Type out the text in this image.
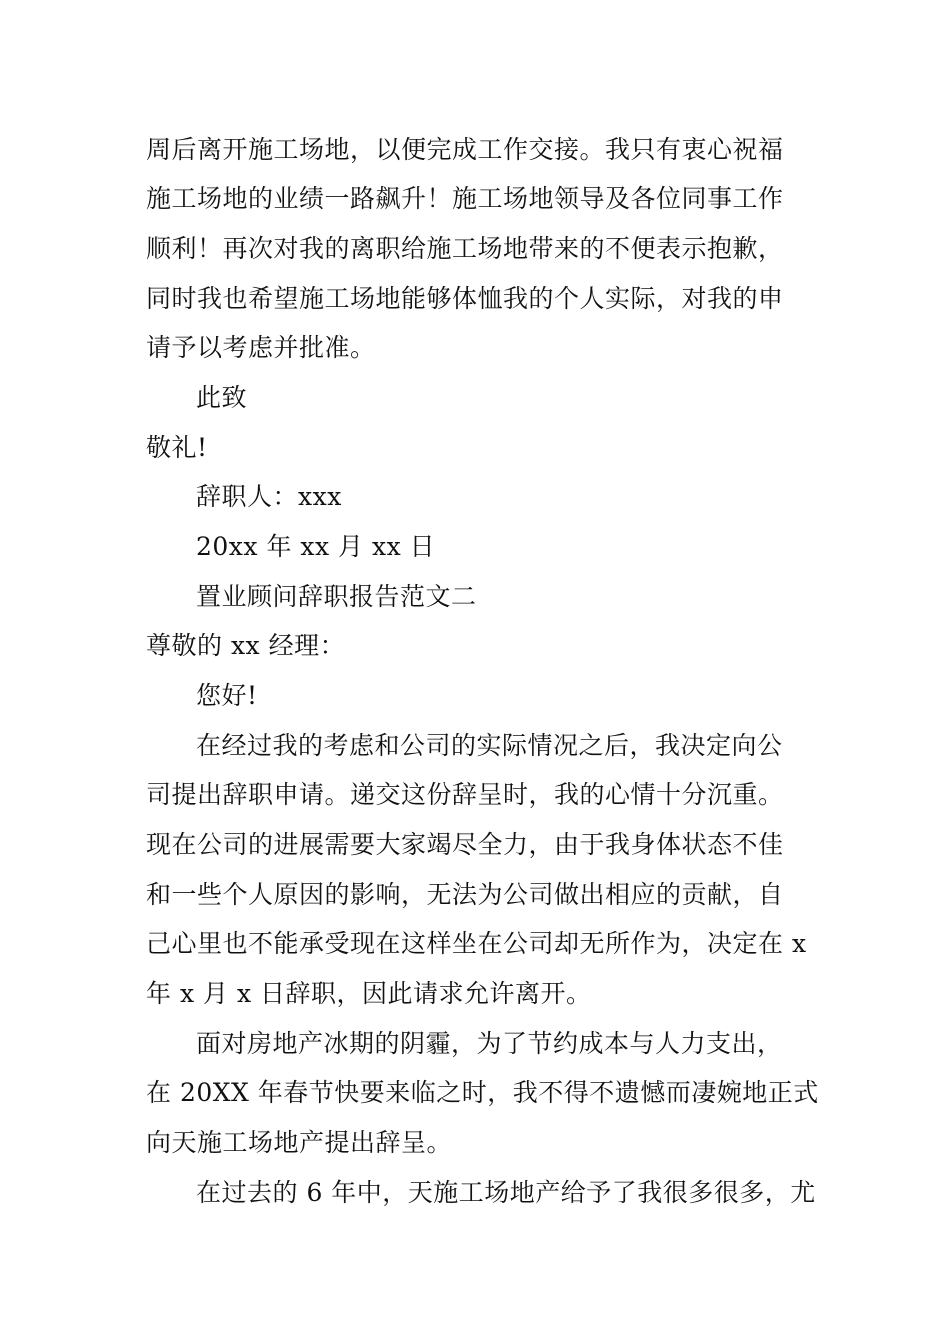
周后离开施工场地，以便完成工作交接。我只有衷心祝福
施工场地的业绩一路飙升！施工场地领导及各位同事工作
顺利！再次对我的离职给施工场地带来的不便表示抱歉，
同时我也希望施工场地能够体恤我的个人实际，对我的申
请予以考虑并批准。
此致
敬礼!
辞职人：xxx
20xx 年 xx 月 xx 日
置业顾问辞职报告范文二
尊敬的 xx 经理：
您好!
在经过我的考虑和公司的实际情况之后，我决定向公
司提出辞职申请。递交这份辞呈时，我的心情十分沉重。
现在公司的进展需要大家竭尽全力，由于我身体状态不佳
和一些个人原因的影响，无法为公司做出相应的贡献，自
己心里也不能承受现在这样坐在公司却无所作为，决定在 x
年 x 月 x 日辞职，因此请求允许离开。
面对房地产冰期的阴霾，为了节约成本与人力支出，
在 20XX 年春节快要来临之时，我不得不遗憾而凄婉地正式
向天施工场地产提出辞呈。
在过去的 6 年中，天施工场地产给予了我很多很多，尤
